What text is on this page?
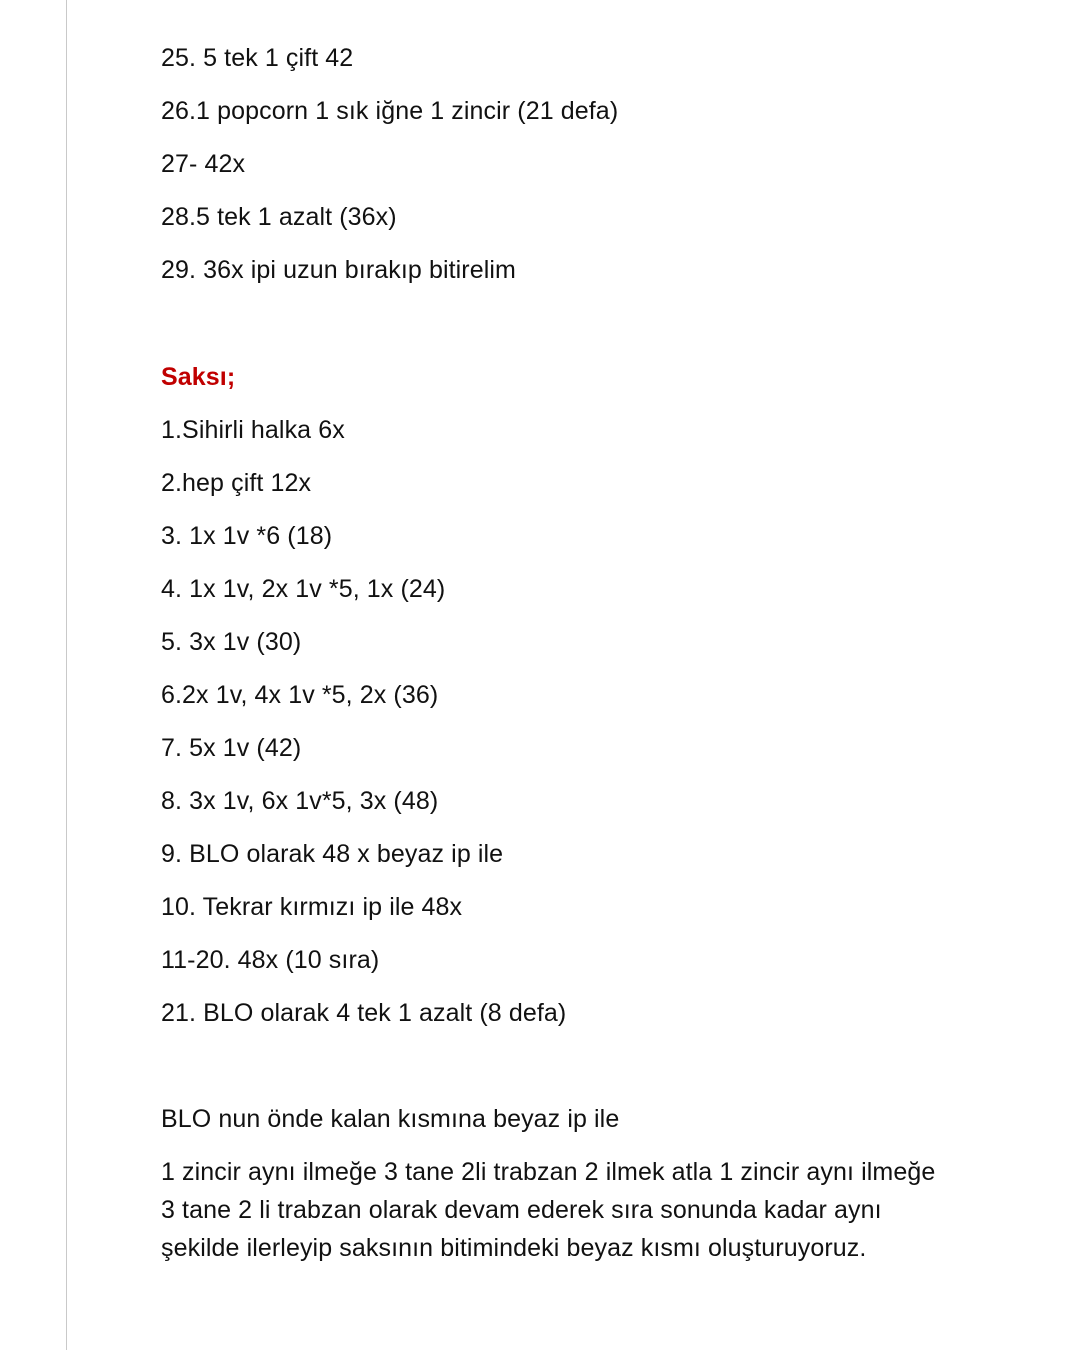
25. 5 tek 1 çift 42
26.1 popcorn 1 sık iğne 1 zincir (21 defa)
27- 42x
28.5 tek 1 azalt (36x)
29. 36x ipi uzun bırakıp bitirelim
Saksı;
1.Sihirli halka 6x
2.hep çift 12x
3. 1x 1v *6 (18)
4. 1x 1v, 2x 1v *5, 1x (24)
5. 3x 1v (30)
6.2x 1v, 4x 1v *5, 2x (36)
7. 5x 1v (42)
8. 3x 1v, 6x 1v*5, 3x (48)
9. BLO olarak 48 x beyaz ip ile
10. Tekrar kırmızı ip ile 48x
11-20. 48x (10 sıra)
21. BLO olarak 4 tek 1 azalt (8 defa)
BLO nun önde kalan kısmına beyaz ip ile
1 zincir aynı ilmeğe 3 tane 2li trabzan 2 ilmek atla 1 zincir aynı ilmeğe
3 tane 2 li trabzan olarak devam ederek sıra sonunda kadar aynı
şekilde ilerleyip saksının bitimindeki beyaz kısmı oluşturuyoruz.
